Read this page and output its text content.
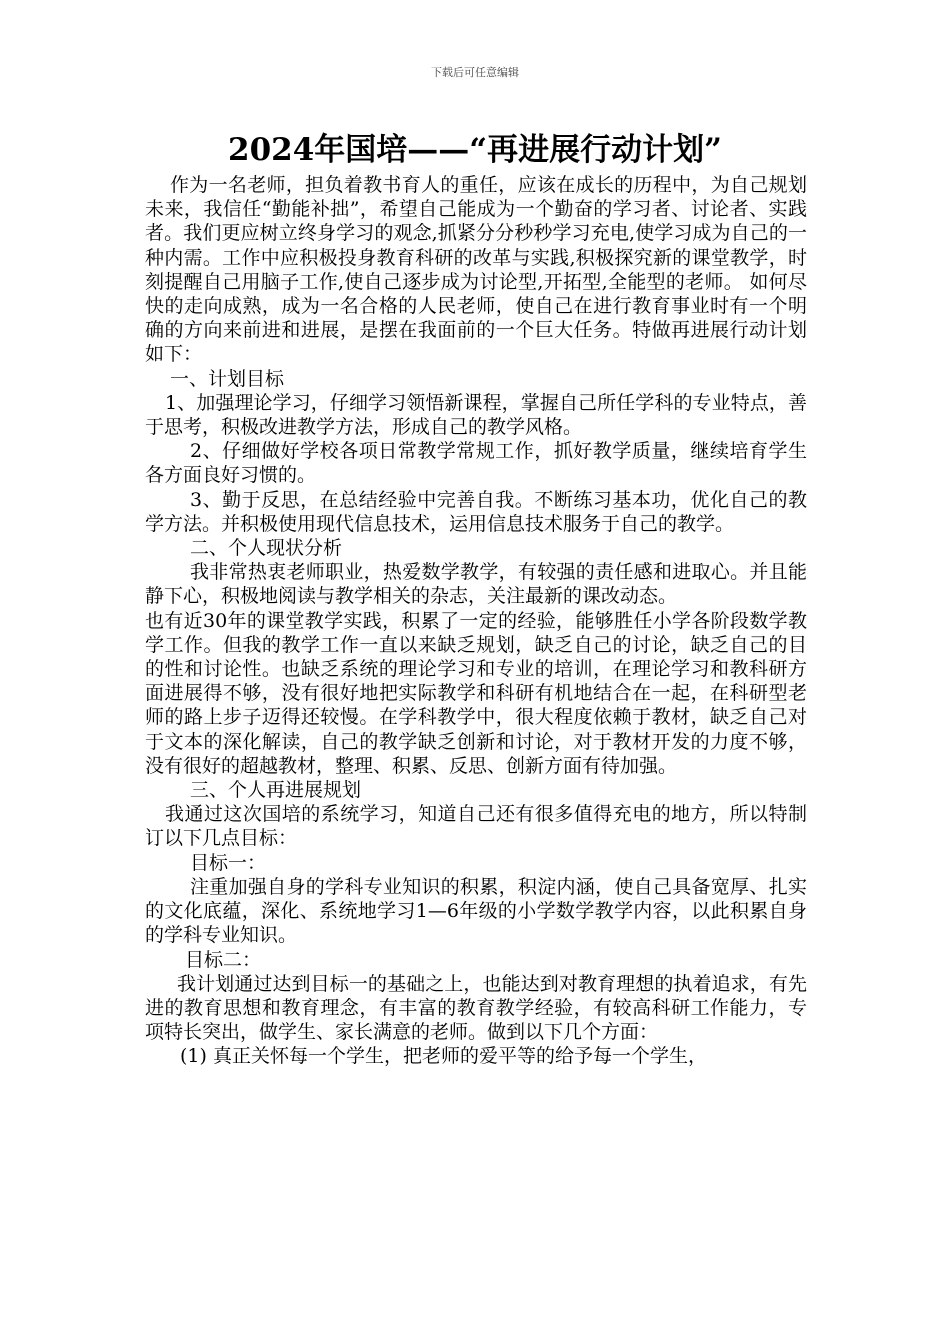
下载后可任意编辑
2024年国培——“再进展行动计划”

作为一名老师，担负着教书育人的重任，应该在成长的历程中，为自己规划未来，我信任“勤能补拙”，希望自己能成为一个勤奋的学习者、讨论者、实践者。我们更应树立终身学习的观念,抓紧分分秒秒学习充电,使学习成为自己的一种内需。工作中应积极投身教育科研的改革与实践,积极探究新的课堂教学，时刻提醒自己用脑子工作,使自己逐步成为讨论型,开拓型,全能型的老师。 如何尽快的走向成熟，成为一名合格的人民老师，使自己在进行教育事业时有一个明确的方向来前进和进展，是摆在我面前的一个巨大任务。特做再进展行动计划如下：

一、计划目标

1、加强理论学习，仔细学习领悟新课程，掌握自己所任学科的专业特点，善于思考，积极改进教学方法，形成自己的教学风格。

2、仔细做好学校各项日常教学常规工作，抓好教学质量，继续培育学生各方面良好习惯的。

3、勤于反思，在总结经验中完善自我。不断练习基本功，优化自己的教学方法。并积极使用现代信息技术，运用信息技术服务于自己的教学。

二、个人现状分析

我非常热衷老师职业，热爱数学教学，有较强的责任感和进取心。并且能静下心，积极地阅读与教学相关的杂志，关注最新的课改动态。

也有近30年的课堂教学实践，积累了一定的经验，能够胜任小学各阶段数学教学工作。但我的教学工作一直以来缺乏规划，缺乏自己的讨论，缺乏自己的目的性和讨论性。也缺乏系统的理论学习和专业的培训，在理论学习和教科研方面进展得不够，没有很好地把实际教学和科研有机地结合在一起，在科研型老师的路上步子迈得还较慢。在学科教学中，很大程度依赖于教材，缺乏自己对于文本的深化解读，自己的教学缺乏创新和讨论，对于教材开发的力度不够，没有很好的超越教材，整理、积累、反思、创新方面有待加强。

三、个人再进展规划

我通过这次国培的系统学习，知道自己还有很多值得充电的地方，所以特制订以下几点目标：

目标一：

注重加强自身的学科专业知识的积累，积淀内涵，使自己具备宽厚、扎实的文化底蕴，深化、系统地学习1—6年级的小学数学教学内容，以此积累自身的学科专业知识。

目标二：

我计划通过达到目标一的基础之上，也能达到对教育理想的执着追求，有先进的教育思想和教育理念，有丰富的教育教学经验，有较高科研工作能力，专项特长突出，做学生、家长满意的老师。做到以下几个方面：

(1) 真正关怀每一个学生，把老师的爱平等的给予每一个学生，
